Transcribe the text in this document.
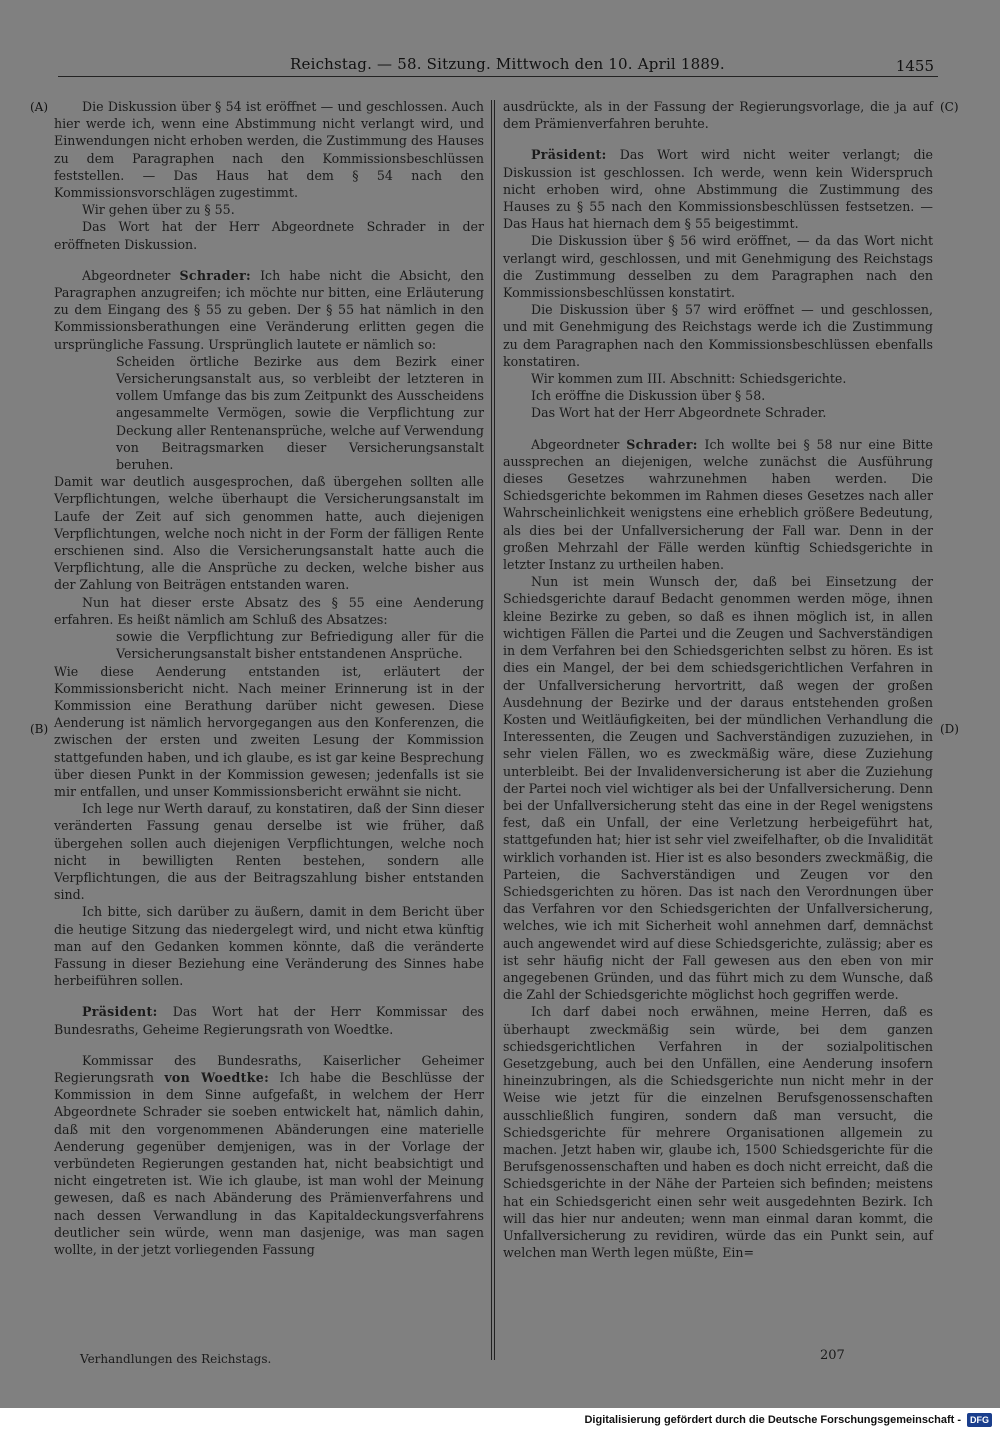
Reichstag. — 58. Sitzung. Mittwoch den 10. April 1889.	1455
(A)
(B)
(C)
(D)

Die Diskussion über § 54 ist eröffnet — und geschlossen. Auch hier werde ich, wenn eine Abstimmung nicht verlangt wird, und Einwendungen nicht erhoben werden, die Zustimmung des Hauses zu dem Paragraphen nach den Kommissionsbeschlüssen feststellen. — Das Haus hat dem § 54 nach den Kommissionsvorschlägen zugestimmt.

Wir gehen über zu § 55.

Das Wort hat der Herr Abgeordnete Schrader in der eröffneten Diskussion.

Abgeordneter Schrader: Ich habe nicht die Absicht, den Paragraphen anzugreifen; ich möchte nur bitten, eine Erläuterung zu dem Eingang des § 55 zu geben. Der § 55 hat nämlich in den Kommissionsberathungen eine Veränderung erlitten gegen die ursprüngliche Fassung. Ursprünglich lautete er nämlich so:

Scheiden örtliche Bezirke aus dem Bezirk einer Versicherungsanstalt aus, so verbleibt der letzteren in vollem Umfange das bis zum Zeitpunkt des Ausscheidens angesammelte Vermögen, sowie die Verpflichtung zur Deckung aller Rentenansprüche, welche auf Verwendung von Beitragsmarken dieser Versicherungsanstalt beruhen.

Damit war deutlich ausgesprochen, daß übergehen sollten alle Verpflichtungen, welche überhaupt die Versicherungsanstalt im Laufe der Zeit auf sich genommen hatte, auch diejenigen Verpflichtungen, welche noch nicht in der Form der fälligen Rente erschienen sind. Also die Versicherungsanstalt hatte auch die Verpflichtung, alle die Ansprüche zu decken, welche bisher aus der Zahlung von Beiträgen entstanden waren.

Nun hat dieser erste Absatz des § 55 eine Aenderung erfahren. Es heißt nämlich am Schluß des Absatzes:

sowie die Verpflichtung zur Befriedigung aller für die Versicherungsanstalt bisher entstandenen Ansprüche.

Wie diese Aenderung entstanden ist, erläutert der Kommissionsbericht nicht. Nach meiner Erinnerung ist in der Kommission eine Berathung darüber nicht gewesen. Diese Aenderung ist nämlich hervorgegangen aus den Konferenzen, die zwischen der ersten und zweiten Lesung der Kommission stattgefunden haben, und ich glaube, es ist gar keine Besprechung über diesen Punkt in der Kommission gewesen; jedenfalls ist sie mir entfallen, und unser Kommissionsbericht erwähnt sie nicht.

Ich lege nur Werth darauf, zu konstatiren, daß der Sinn dieser veränderten Fassung genau derselbe ist wie früher, daß übergehen sollen auch diejenigen Verpflichtungen, welche noch nicht in bewilligten Renten bestehen, sondern alle Verpflichtungen, die aus der Beitragszahlung bisher entstanden sind.

Ich bitte, sich darüber zu äußern, damit in dem Bericht über die heutige Sitzung das niedergelegt wird, und nicht etwa künftig man auf den Gedanken kommen könnte, daß die veränderte Fassung in dieser Beziehung eine Veränderung des Sinnes habe herbeiführen sollen.

Präsident: Das Wort hat der Herr Kommissar des Bundesraths, Geheime Regierungsrath von Woedtke.

Kommissar des Bundesraths, Kaiserlicher Geheimer Regierungsrath von Woedtke: Ich habe die Beschlüsse der Kommission in dem Sinne aufgefaßt, in welchem der Herr Abgeordnete Schrader sie soeben entwickelt hat, nämlich dahin, daß mit den vorgenommenen Abänderungen eine materielle Aenderung gegenüber demjenigen, was in der Vorlage der verbündeten Regierungen gestanden hat, nicht beabsichtigt und nicht eingetreten ist. Wie ich glaube, ist man wohl der Meinung gewesen, daß es nach Abänderung des Prämienverfahrens und nach dessen Verwandlung in das Kapitaldeckungsverfahrens deutlicher sein würde, wenn man dasjenige, was man sagen wollte, in der jetzt vorliegenden Fassung

ausdrückte, als in der Fassung der Regierungsvorlage, die ja auf dem Prämienverfahren beruhte.

Präsident: Das Wort wird nicht weiter verlangt; die Diskussion ist geschlossen. Ich werde, wenn kein Widerspruch nicht erhoben wird, ohne Abstimmung die Zustimmung des Hauses zu § 55 nach den Kommissionsbeschlüssen festsetzen. — Das Haus hat hiernach dem § 55 beigestimmt.

Die Diskussion über § 56 wird eröffnet, — da das Wort nicht verlangt wird, geschlossen, und mit Genehmigung des Reichstags die Zustimmung desselben zu dem Paragraphen nach den Kommissionsbeschlüssen konstatirt.

Die Diskussion über § 57 wird eröffnet — und geschlossen, und mit Genehmigung des Reichstags werde ich die Zustimmung zu dem Paragraphen nach den Kommissionsbeschlüssen ebenfalls konstatiren.

Wir kommen zum III. Abschnitt: Schiedsgerichte.

Ich eröffne die Diskussion über § 58.

Das Wort hat der Herr Abgeordnete Schrader.

Abgeordneter Schrader: Ich wollte bei § 58 nur eine Bitte aussprechen an diejenigen, welche zunächst die Ausführung dieses Gesetzes wahrzunehmen haben werden. Die Schiedsgerichte bekommen im Rahmen dieses Gesetzes nach aller Wahrscheinlichkeit wenigstens eine erheblich größere Bedeutung, als dies bei der Unfallversicherung der Fall war. Denn in der großen Mehrzahl der Fälle werden künftig Schiedsgerichte in letzter Instanz zu urtheilen haben.

Nun ist mein Wunsch der, daß bei Einsetzung der Schiedsgerichte darauf Bedacht genommen werden möge, ihnen kleine Bezirke zu geben, so daß es ihnen möglich ist, in allen wichtigen Fällen die Partei und die Zeugen und Sachverständigen in dem Verfahren bei den Schiedsgerichten selbst zu hören. Es ist dies ein Mangel, der bei dem schiedsgerichtlichen Verfahren in der Unfallversicherung hervortritt, daß wegen der großen Ausdehnung der Bezirke und der daraus entstehenden großen Kosten und Weitläufigkeiten, bei der mündlichen Verhandlung die Interessenten, die Zeugen und Sachverständigen zuzuziehen, in sehr vielen Fällen, wo es zweckmäßig wäre, diese Zuziehung unterbleibt. Bei der Invalidenversicherung ist aber die Zuziehung der Partei noch viel wichtiger als bei der Unfallversicherung. Denn bei der Unfallversicherung steht das eine in der Regel wenigstens fest, daß ein Unfall, der eine Verletzung herbeigeführt hat, stattgefunden hat; hier ist sehr viel zweifelhafter, ob die Invalidität wirklich vorhanden ist. Hier ist es also besonders zweckmäßig, die Parteien, die Sachverständigen und Zeugen vor den Schiedsgerichten zu hören. Das ist nach den Verordnungen über das Verfahren vor den Schiedsgerichten der Unfallversicherung, welches, wie ich mit Sicherheit wohl annehmen darf, demnächst auch angewendet wird auf diese Schiedsgerichte, zulässig; aber es ist sehr häufig nicht der Fall gewesen aus den eben von mir angegebenen Gründen, und das führt mich zu dem Wunsche, daß die Zahl der Schiedsgerichte möglichst hoch gegriffen werde.

Ich darf dabei noch erwähnen, meine Herren, daß es überhaupt zweckmäßig sein würde, bei dem ganzen schiedsgerichtlichen Verfahren in der sozialpolitischen Gesetzgebung, auch bei den Unfällen, eine Aenderung insofern hineinzubringen, als die Schiedsgerichte nun nicht mehr in der Weise wie jetzt für die einzelnen Berufsgenossenschaften ausschließlich fungiren, sondern daß man versucht, die Schiedsgerichte für mehrere Organisationen allgemein zu machen. Jetzt haben wir, glaube ich, 1500 Schiedsgerichte für die Berufsgenossenschaften und haben es doch nicht erreicht, daß die Schiedsgerichte in der Nähe der Parteien sich befinden; meistens hat ein Schiedsgericht einen sehr weit ausgedehnten Bezirk. Ich will das hier nur andeuten; wenn man einmal daran kommt, die Unfallversicherung zu revidiren, würde das ein Punkt sein, auf welchen man Werth legen müßte, Ein=

Verhandlungen des Reichstags.	207
Digitalisierung gefördert durch die Deutsche Forschungsgemeinschaft -	DFG
